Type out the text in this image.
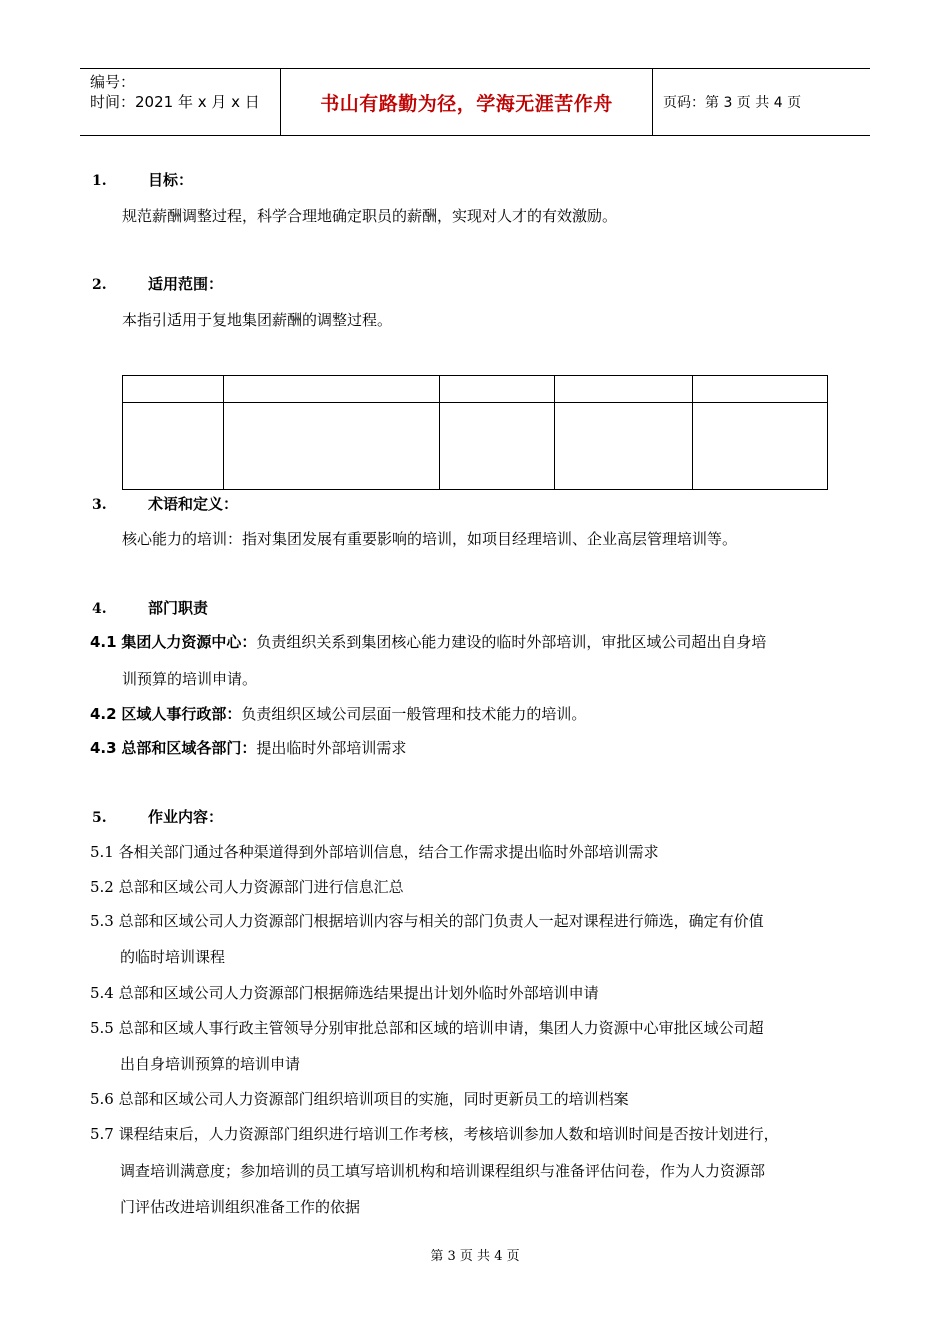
编号：
时间：2021 年 x 月 x 日	书山有路勤为径，学海无涯苦作舟	页码：第 3 页 共 4 页
1.	目标：
规范薪酬调整过程，科学合理地确定职员的薪酬，实现对人才的有效激励。
2.	适用范围：
本指引适用于复地集团薪酬的调整过程。

3.	术语和定义：
核心能力的培训：指对集团发展有重要影响的培训，如项目经理培训、企业高层管理培训等。
4.	部门职责
4.1 集团人力资源中心：负责组织关系到集团核心能力建设的临时外部培训，审批区域公司超出自身培
训预算的培训申请。
4.2 区域人事行政部：负责组织区域公司层面一般管理和技术能力的培训。
4.3 总部和区域各部门：提出临时外部培训需求
5.	作业内容：
5.1 各相关部门通过各种渠道得到外部培训信息，结合工作需求提出临时外部培训需求
5.2 总部和区域公司人力资源部门进行信息汇总
5.3 总部和区域公司人力资源部门根据培训内容与相关的部门负责人一起对课程进行筛选，确定有价值
的临时培训课程
5.4 总部和区域公司人力资源部门根据筛选结果提出计划外临时外部培训申请
5.5 总部和区域人事行政主管领导分别审批总部和区域的培训申请，集团人力资源中心审批区域公司超
出自身培训预算的培训申请
5.6 总部和区域公司人力资源部门组织培训项目的实施，同时更新员工的培训档案
5.7 课程结束后，人力资源部门组织进行培训工作考核，考核培训参加人数和培训时间是否按计划进行，
调查培训满意度；参加培训的员工填写培训机构和培训课程组织与准备评估问卷，作为人力资源部
门评估改进培训组织准备工作的依据
第 3 页 共 4 页
